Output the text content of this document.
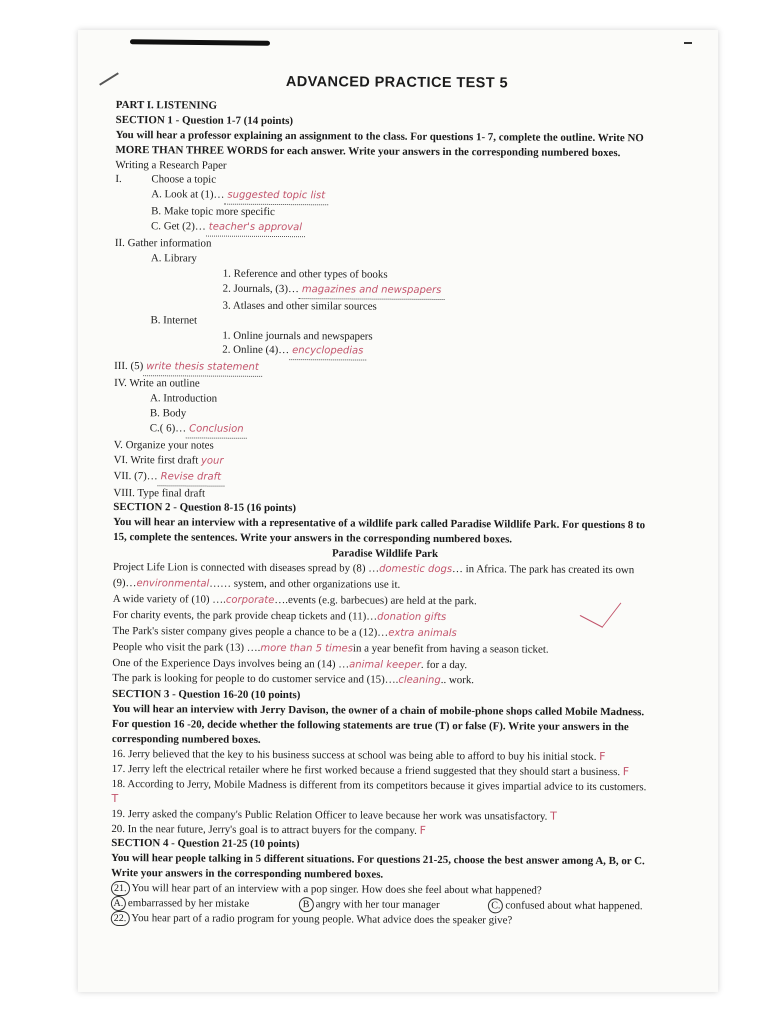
ADVANCED PRACTICE TEST 5
PART I. LISTENING
SECTION 1 - Question 1-7 (14 points)
You will hear a professor explaining an assignment to the class. For questions 1- 7, complete the outline. Write NO MORE THAN THREE WORDS for each answer. Write your answers in the corresponding numbered boxes.
Writing a Research Paper
I.	Choose a topic
A. Look at (1)… suggested topic list
B. Make topic more specific
C. Get (2)… teacher's approval
II. Gather information
A. Library
1. Reference and other types of books
2. Journals, (3)… magazines and newspapers
3. Atlases and other similar sources
B. Internet
1. Online journals and newspapers
2. Online (4)… encyclopedias
III. (5) write thesis statement
IV. Write an outline
A. Introduction
B. Body
C.( 6)… Conclusion
V. Organize your notes
VI. Write first draft your
VII. (7)… Revise draft
VIII. Type final draft
SECTION 2 - Question 8-15 (16 points)
You will hear an interview with a representative of a wildlife park called Paradise Wildlife Park. For questions 8 to 15, complete the sentences. Write your answers in the corresponding numbered boxes.
Paradise Wildlife Park
Project Life Lion is connected with diseases spread by (8) …domestic dogs… in Africa. The park has created its own (9)…environmental…… system, and other organizations use it.
A wide variety of (10) ….corporate….events (e.g. barbecues) are held at the park.
For charity events, the park provide cheap tickets and (11)…donation gifts
The Park's sister company gives people a chance to be a (12)…extra animals
People who visit the park (13) ….more than 5 timesin a year benefit from having a season ticket.
One of the Experience Days involves being an (14) …animal keeper. for a day.
The park is looking for people to do customer service and (15)….cleaning.. work.
SECTION 3 - Question 16-20 (10 points)
You will hear an interview with Jerry Davison, the owner of a chain of mobile-phone shops called Mobile Madness. For question 16 -20, decide whether the following statements are true (T) or false (F). Write your answers in the corresponding numbered boxes.
16. Jerry believed that the key to his business success at school was being able to afford to buy his initial stock. F
17. Jerry left the electrical retailer where he first worked because a friend suggested that they should start a business. F
18. According to Jerry, Mobile Madness is different from its competitors because it gives impartial advice to its customers. T
19. Jerry asked the company's Public Relation Officer to leave because her work was unsatisfactory. T
20. In the near future, Jerry's goal is to attract buyers for the company. F
SECTION 4 - Question 21-25 (10 points)
You will hear people talking in 5 different situations. For questions 21-25, choose the best answer among A, B, or C. Write your answers in the corresponding numbered boxes.
21. You will hear part of an interview with a pop singer. How does she feel about what happened?
A. embarrassed by her mistake	B angry with her tour manager	C. confused about what happened.
22. You hear part of a radio program for young people. What advice does the speaker give?
